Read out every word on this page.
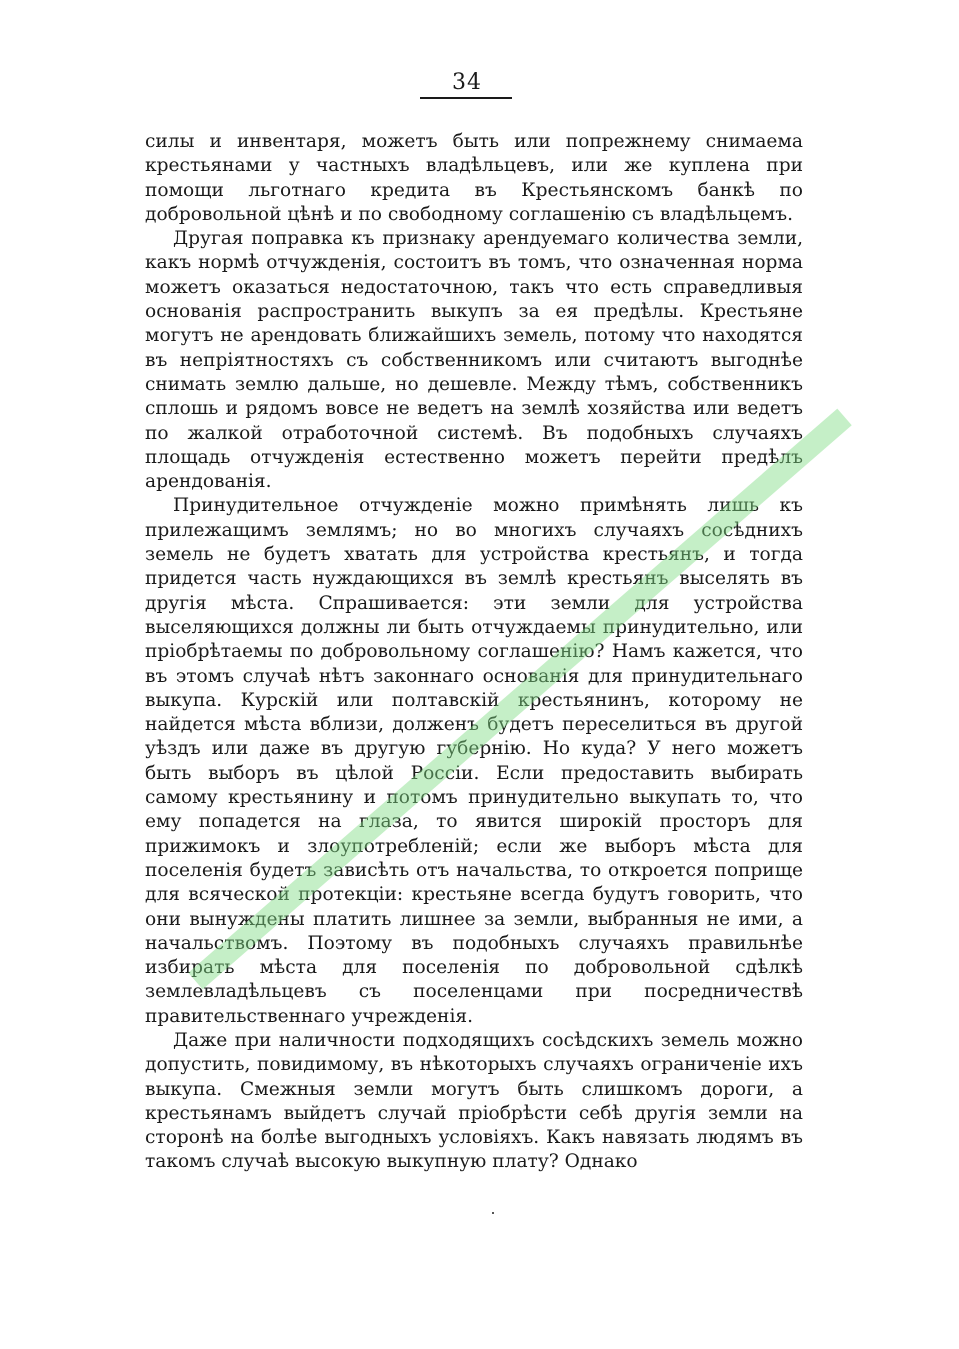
34

силы и инвентаря, можетъ быть или попрежнему снимаема крестьянами у частныхъ владѣльцевъ, или же куплена при помощи льготнаго кредита въ Крестьянскомъ банкѣ по добровольной цѣнѣ и по свободному соглашенію съ владѣльцемъ.

Другая поправка къ признаку арендуемаго количества земли, какъ нормѣ отчужденія, состоитъ въ томъ, что означенная норма можетъ оказаться недостаточною, такъ что есть справедливыя основанія распространить выкупъ за ея предѣлы. Крестьяне могутъ не арендовать ближайшихъ земель, потому что находятся въ непріятностяхъ съ собственникомъ или считаютъ выгоднѣе снимать землю дальше, но дешевле. Между тѣмъ, собственникъ сплошь и рядомъ вовсе не ведетъ на землѣ хозяйства или ведетъ по жалкой отработочной системѣ. Въ подобныхъ случаяхъ площадь отчужденія естественно можетъ перейти предѣлъ арендованія.

Принудительное отчужденіе можно примѣнять лишь къ прилежащимъ землямъ; но во многихъ случаяхъ сосѣднихъ земель не будетъ хватать для устройства крестьянъ, и тогда придется часть нуждающихся въ землѣ крестьянъ выселять въ другія мѣста. Спрашивается: эти земли для устройства выселяющихся должны ли быть отчуждаемы принудительно, или пріобрѣтаемы по добровольному соглашенію? Намъ кажется, что въ этомъ случаѣ нѣтъ законнаго основанія для принудительнаго выкупа. Курскій или полтавскій крестьянинъ, которому не найдется мѣста вблизи, долженъ будетъ переселиться въ другой уѣздъ или даже въ другую губернію. Но куда? У него можетъ быть выборъ въ цѣлой Россіи. Если предоставить выбирать самому крестьянину и потомъ принудительно выкупать то, что ему попадется на глаза, то явится широкій просторъ для прижимокъ и злоупотребленій; если же выборъ мѣста для поселенія будетъ зависѣть отъ начальства, то откроется поприще для всяческой протекціи: крестьяне всегда будутъ говорить, что они вынуждены платить лишнее за земли, выбранныя не ими, а начальствомъ. Поэтому въ подобныхъ случаяхъ правильнѣе избирать мѣста для поселенія по добровольной сдѣлкѣ землевладѣльцевъ съ поселенцами при посредничествѣ правительственнаго учрежденія.

Даже при наличности подходящихъ сосѣдскихъ земель можно допустить, повидимому, въ нѣкоторыхъ случаяхъ ограниченіе ихъ выкупа. Смежныя земли могутъ быть слишкомъ дороги, а крестьянамъ выйдетъ случай пріобрѣсти себѣ другія земли на сторонѣ на болѣе выгодныхъ условіяхъ. Какъ навязать людямъ въ такомъ случаѣ высокую выкупную плату? Однако
